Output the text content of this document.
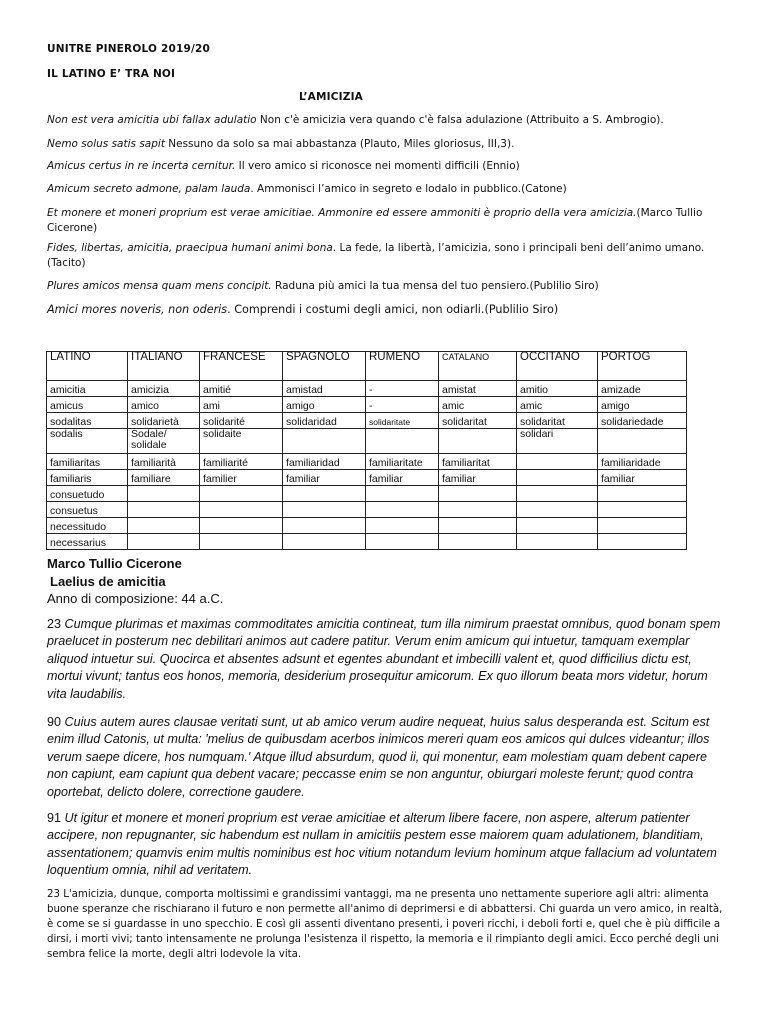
UNITRE PINEROLO 2019/20
IL LATINO E’ TRA NOI
L’AMICIZIA
Non est vera amicitia ubi fallax adulatio Non c'è amicizia vera quando c'è falsa adulazione (Attribuito a S. Ambrogio).
Nemo solus satis sapit Nessuno da solo sa mai abbastanza (Plauto, Miles gloriosus, III,3).
Amicus certus in re incerta cernitur. Il vero amico si riconosce nei momenti difficili (Ennio)
Amicum secreto admone, palam lauda. Ammonisci l’amico in segreto e lodalo in pubblico.(Catone)
Et monere et moneri proprium est verae amicitiae. Ammonire ed essere ammoniti è proprio della vera amicizia.(Marco Tullio Cicerone)
Fides, libertas, amicitia, praecipua humani animi bona. La fede, la libertà, l’amicizia, sono i principali beni dell’animo umano.(Tacito)
Plures amicos mensa quam mens concipit. Raduna più amici la tua mensa del tuo pensiero.(Publilio Siro)
Amici mores noveris, non oderis. Comprendi i costumi degli amici, non odiarli.(Publilio Siro)
LATINO	ITALIANO	FRANCESE	SPAGNOLO	RUMENO	CATALANO	OCCITANO	PORTOG
amicitia	amicizia	amitié	amistad	-	amistat	amitio	amizade
amicus	amico	ami	amigo	-	amic	amic	amigo
sodalitas	solidarietà	solidarité	solidaridad	solidaritate	solidaritat	solidaritat	solidariedade
sodalis	Sodale/ solidale	solidaite				solidari	
familiaritas	familiarità	familiarité	familiaridad	familiaritate	familiaritat		familiaridade
familiaris	familiare	familier	familiar	familiar	familiar		familiar
consuetudo							
consuetus							
necessitudo							
necessarius							
Marco Tullio Cicerone
Laelius de amicitia
Anno di composizione: 44 a.C.
23 Cumque plurimas et maximas commoditates amicitia contineat, tum illa nimirum praestat omnibus, quod bonam spem praelucet in posterum nec debilitari animos aut cadere patitur. Verum enim amicum qui intuetur, tamquam exemplar aliquod intuetur sui. Quocirca et absentes adsunt et egentes abundant et imbecilli valent et, quod difficilius dictu est, mortui vivunt; tantus eos honos, memoria, desiderium prosequitur amicorum. Ex quo illorum beata mors videtur, horum vita laudabilis.
90 Cuius autem aures clausae veritati sunt, ut ab amico verum audire nequeat, huius salus desperanda est. Scitum est enim illud Catonis, ut multa: 'melius de quibusdam acerbos inimicos mereri quam eos amicos qui dulces videantur; illos verum saepe dicere, hos numquam.' Atque illud absurdum, quod ii, qui monentur, eam molestiam quam debent capere non capiunt, eam capiunt qua debent vacare; peccasse enim se non anguntur, obiurgari moleste ferunt; quod contra oportebat, delicto dolere, correctione gaudere.
91 Ut igitur et monere et moneri proprium est verae amicitiae et alterum libere facere, non aspere, alterum patienter accipere, non repugnanter, sic habendum est nullam in amicitiis pestem esse maiorem quam adulationem, blanditiam, assentationem; quamvis enim multis nominibus est hoc vitium notandum levium hominum atque fallacium ad voluntatem loquentium omnia, nihil ad veritatem.
23 L'amicizia, dunque, comporta moltissimi e grandissimi vantaggi, ma ne presenta uno nettamente superiore agli altri: alimenta buone speranze che rischiarano il futuro e non permette all'animo di deprimersi e di abbattersi. Chi guarda un vero amico, in realtà, è come se si guardasse in uno specchio. E così gli assenti diventano presenti, i poveri ricchi, i deboli forti e, quel che è più difficile a dirsi, i morti vivi; tanto intensamente ne prolunga l'esistenza il rispetto, la memoria e il rimpianto degli amici. Ecco perché degli uni sembra felice la morte, degli altri lodevole la vita.
